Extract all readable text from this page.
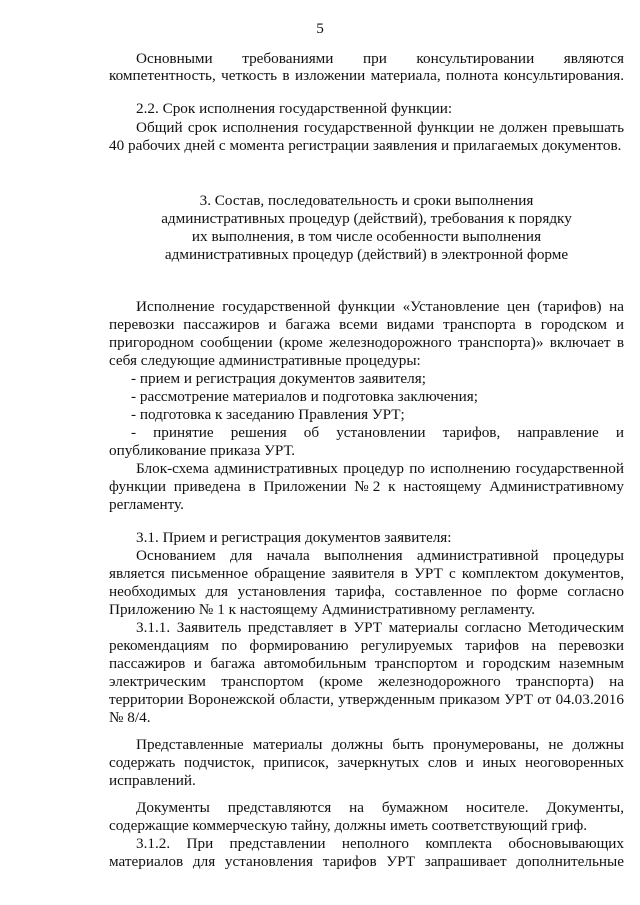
5
Основными требованиями при консультировании являются
компетентность, четкость в изложении материала, полнота консультирования.
2.2. Срок исполнения государственной функции:
Общий срок исполнения государственной функции не должен превышать
40 рабочих дней с момента регистрации заявления и прилагаемых документов.
3. Состав, последовательность и сроки выполнения
административных процедур (действий), требования к порядку
их выполнения, в том числе особенности выполнения
административных процедур (действий) в электронной форме
Исполнение государственной функции «Установление цен (тарифов) на
перевозки пассажиров и багажа всеми видами транспорта в городском и
пригородном сообщении (кроме железнодорожного транспорта)» включает в
себя следующие административные процедуры:
- прием и регистрация документов заявителя;
- рассмотрение материалов и подготовка заключения;
- подготовка к заседанию Правления УРТ;
- принятие решения об установлении тарифов, направление и
опубликование приказа УРТ.
Блок-схема административных процедур по исполнению государственной
функции приведена в Приложении №2 к настоящему Административному
регламенту.
3.1. Прием и регистрация документов заявителя:
Основанием для начала выполнения административной процедуры
является письменное обращение заявителя в УРТ с комплектом документов,
необходимых для установления тарифа, составленное по форме согласно
Приложению № 1 к настоящему Административному регламенту.
3.1.1. Заявитель представляет в УРТ материалы согласно Методическим
рекомендациям по формированию регулируемых тарифов на перевозки
пассажиров и багажа автомобильным транспортом и городским наземным
электрическим транспортом (кроме железнодорожного транспорта) на
территории Воронежской области, утвержденным приказом УРТ от 04.03.2016
№ 8/4.
Представленные материалы должны быть пронумерованы, не должны
содержать подчисток, приписок, зачеркнутых слов и иных неоговоренных
исправлений.
Документы представляются на бумажном носителе. Документы,
содержащие коммерческую тайну, должны иметь соответствующий гриф.
3.1.2. При представлении неполного комплекта обосновывающих
материалов для установления тарифов УРТ запрашивает дополнительные
